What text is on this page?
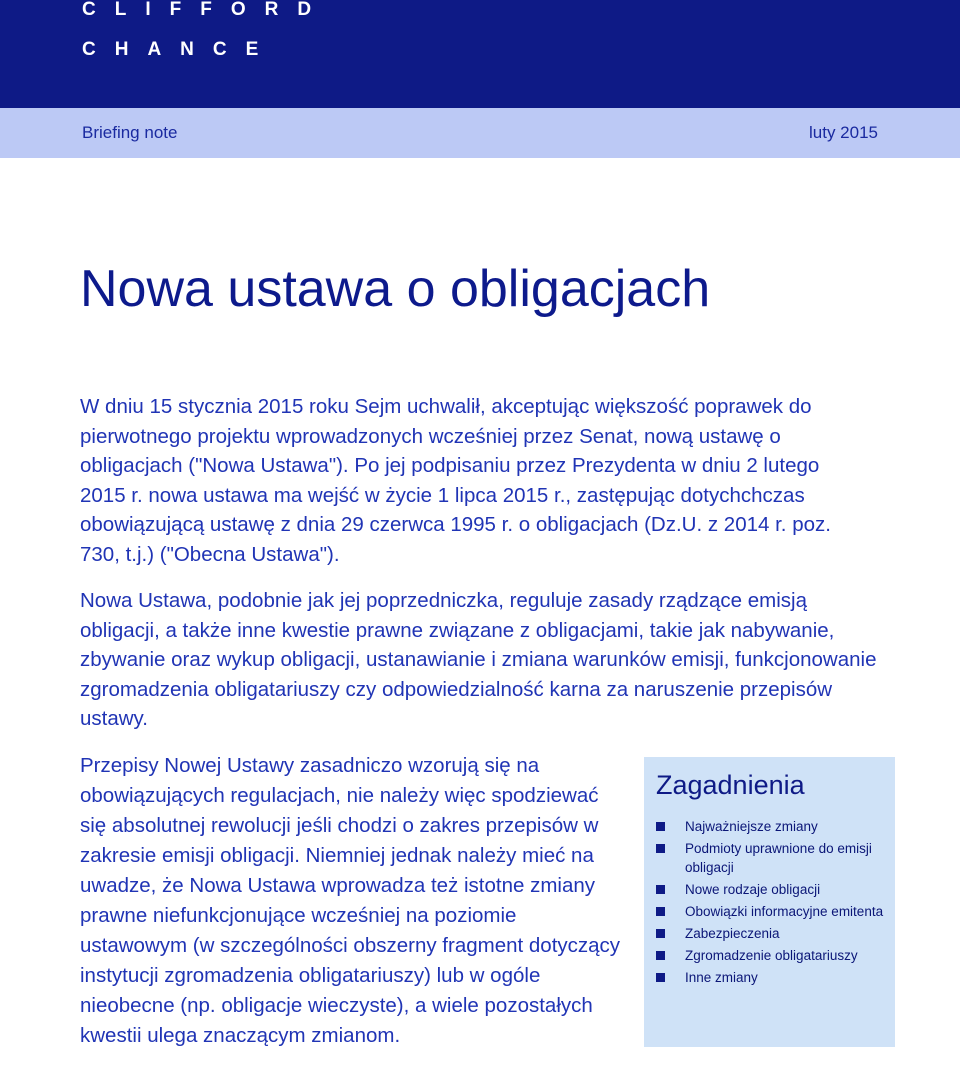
CLIFFORD
CHANCE
Briefing note	luty 2015
Nowa ustawa o obligacjach

W dniu 15 stycznia 2015 roku Sejm uchwalił, akceptując większość poprawek do pierwotnego projektu wprowadzonych wcześniej przez Senat, nową ustawę o obligacjach ("Nowa Ustawa"). Po jej podpisaniu przez Prezydenta w dniu 2 lutego 2015 r. nowa ustawa ma wejść w życie 1 lipca 2015 r., zastępując dotychchczas obowiązującą ustawę z dnia 29 czerwca 1995 r. o obligacjach (Dz.U. z 2014 r. poz. 730, t.j.) ("Obecna Ustawa").

Nowa Ustawa, podobnie jak jej poprzedniczka, reguluje zasady rządzące emisją obligacji, a także inne kwestie prawne związane z obligacjami, takie jak nabywanie, zbywanie oraz wykup obligacji, ustanawianie i zmiana warunków emisji, funkcjonowanie zgromadzenia obligatariuszy czy odpowiedzialność karna za naruszenie przepisów ustawy.

Przepisy Nowej Ustawy zasadniczo wzorują się na obowiązujących regulacjach, nie należy więc spodziewać się absolutnej rewolucji jeśli chodzi o zakres przepisów w zakresie emisji obligacji. Niemniej jednak należy mieć na uwadze, że Nowa Ustawa wprowadza też istotne zmiany prawne niefunkcjonujące wcześniej na poziomie ustawowym (w szczególności obszerny fragment dotyczący instytucji zgromadzenia obligatariuszy) lub w ogóle nieobecne (np. obligacje wieczyste), a wiele pozostałych kwestii ulega znaczącym zmianom.

Zagadnienia
Najważniejsze zmiany
Podmioty uprawnione do emisji obligacji
Nowe rodzaje obligacji
Obowiązki informacyjne emitenta
Zabezpieczenia
Zgromadzenie obligatariuszy
Inne zmiany
